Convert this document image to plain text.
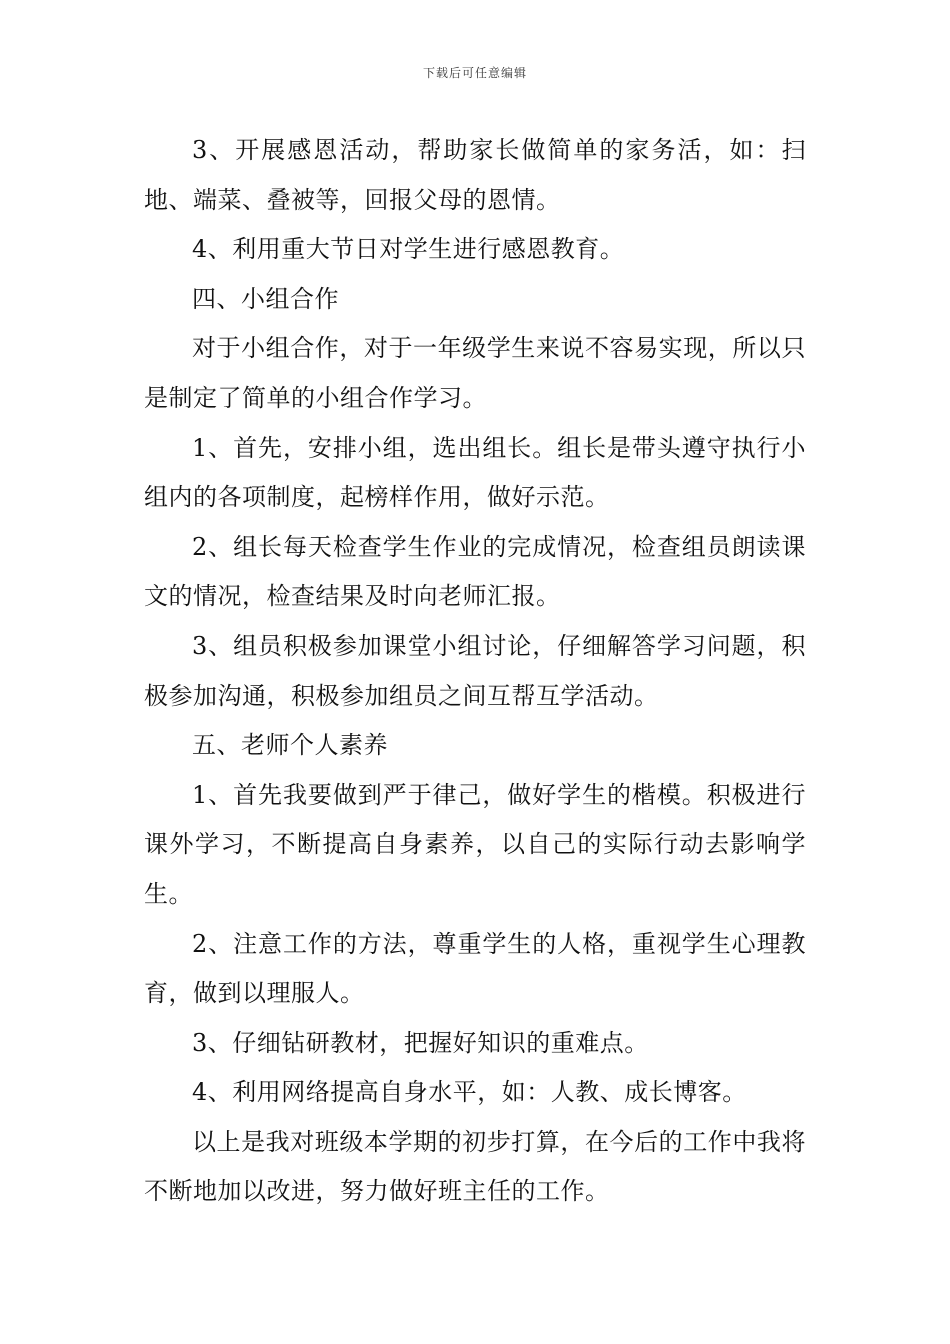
下载后可任意编辑

3、开展感恩活动，帮助家长做简单的家务活，如：扫地、端菜、叠被等，回报父母的恩情。

4、利用重大节日对学生进行感恩教育。

四、小组合作

对于小组合作，对于一年级学生来说不容易实现，所以只是制定了简单的小组合作学习。

1、首先，安排小组，选出组长。组长是带头遵守执行小组内的各项制度，起榜样作用，做好示范。

2、组长每天检查学生作业的完成情况，检查组员朗读课文的情况，检查结果及时向老师汇报。

3、组员积极参加课堂小组讨论，仔细解答学习问题，积极参加沟通，积极参加组员之间互帮互学活动。

五、老师个人素养

1、首先我要做到严于律己，做好学生的楷模。积极进行课外学习，不断提高自身素养，以自己的实际行动去影响学生。

2、注意工作的方法，尊重学生的人格，重视学生心理教育，做到以理服人。

3、仔细钻研教材，把握好知识的重难点。

4、利用网络提高自身水平，如：人教、成长博客。

以上是我对班级本学期的初步打算，在今后的工作中我将不断地加以改进，努力做好班主任的工作。
